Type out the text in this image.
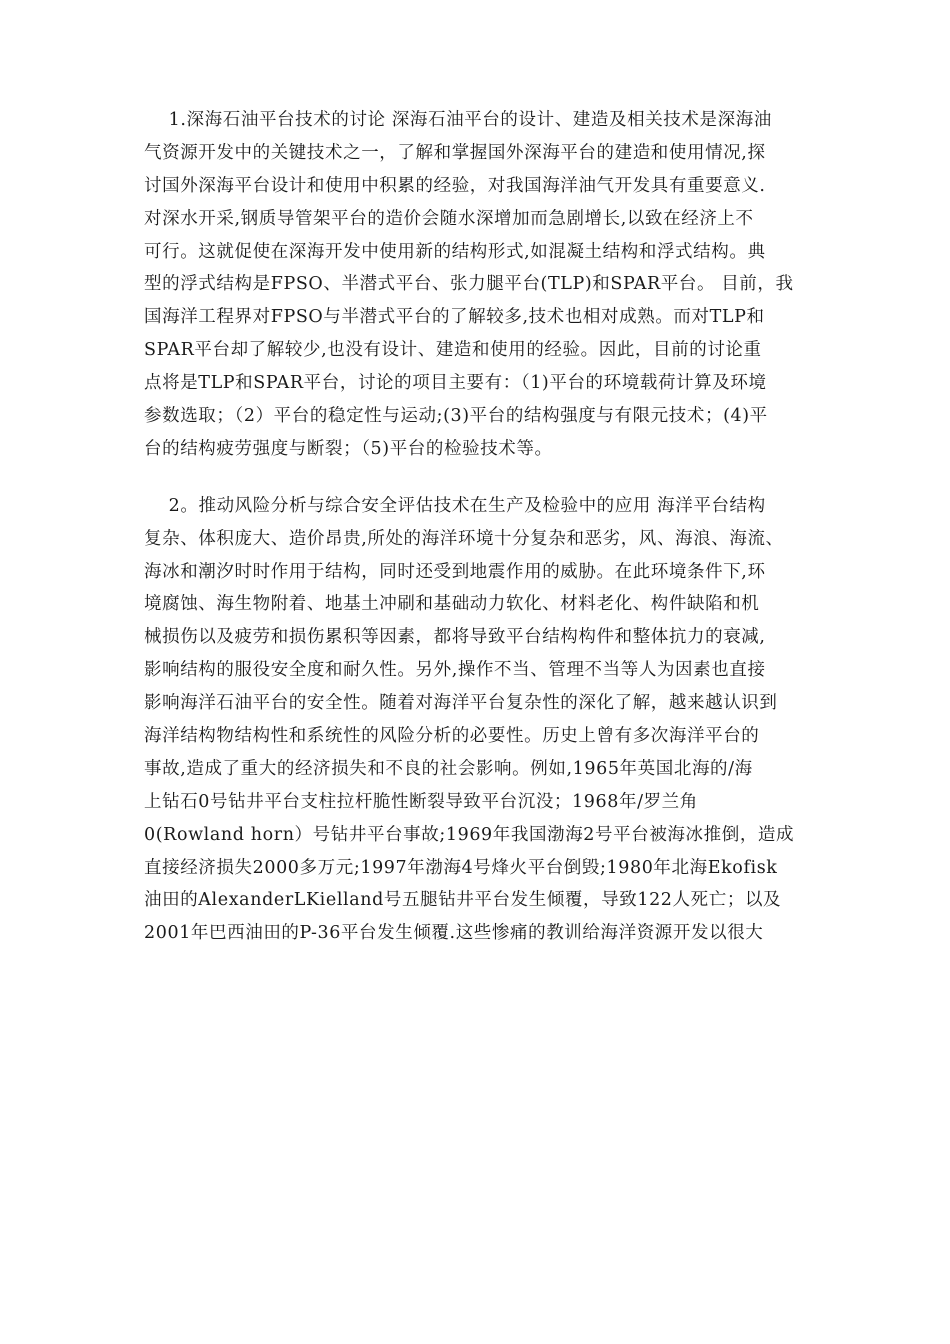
1.深海石油平台技术的讨论 深海石油平台的设计、建造及相关技术是深海油
气资源开发中的关键技术之一，了解和掌握国外深海平台的建造和使用情况,探
讨国外深海平台设计和使用中积累的经验，对我国海洋油气开发具有重要意义.
对深水开采,钢质导管架平台的造价会随水深增加而急剧增长,以致在经济上不
可行。这就促使在深海开发中使用新的结构形式,如混凝土结构和浮式结构。典
型的浮式结构是FPSO、半潜式平台、张力腿平台(TLP)和SPAR平台。 目前，我
国海洋工程界对FPSO与半潜式平台的了解较多,技术也相对成熟。而对TLP和
SPAR平台却了解较少,也没有设计、建造和使用的经验。因此，目前的讨论重
点将是TLP和SPAR平台，讨论的项目主要有：（1)平台的环境载荷计算及环境
参数选取；（2）平台的稳定性与运动;(3)平台的结构强度与有限元技术；(4)平
台的结构疲劳强度与断裂；（5)平台的检验技术等。
2。推动风险分析与综合安全评估技术在生产及检验中的应用 海洋平台结构
复杂、体积庞大、造价昂贵,所处的海洋环境十分复杂和恶劣，风、海浪、海流、
海冰和潮汐时时作用于结构，同时还受到地震作用的威胁。在此环境条件下,环
境腐蚀、海生物附着、地基土冲刷和基础动力软化、材料老化、构件缺陷和机
械损伤以及疲劳和损伤累积等因素，都将导致平台结构构件和整体抗力的衰减,
影响结构的服役安全度和耐久性。另外,操作不当、管理不当等人为因素也直接
影响海洋石油平台的安全性。随着对海洋平台复杂性的深化了解，越来越认识到
海洋结构物结构性和系统性的风险分析的必要性。历史上曾有多次海洋平台的
事故,造成了重大的经济损失和不良的社会影响。例如,1965年英国北海的/海
上钻石0号钻井平台支柱拉杆脆性断裂导致平台沉没；1968年/罗兰角
0(Rowland horn）号钻井平台事故;1969年我国渤海2号平台被海冰推倒，造成
直接经济损失2000多万元;1997年渤海4号烽火平台倒毁;1980年北海Ekofisk
油田的AlexanderLKielland号五腿钻井平台发生倾覆，导致122人死亡；以及
2001年巴西油田的P-36平台发生倾覆.这些惨痛的教训给海洋资源开发以很大
